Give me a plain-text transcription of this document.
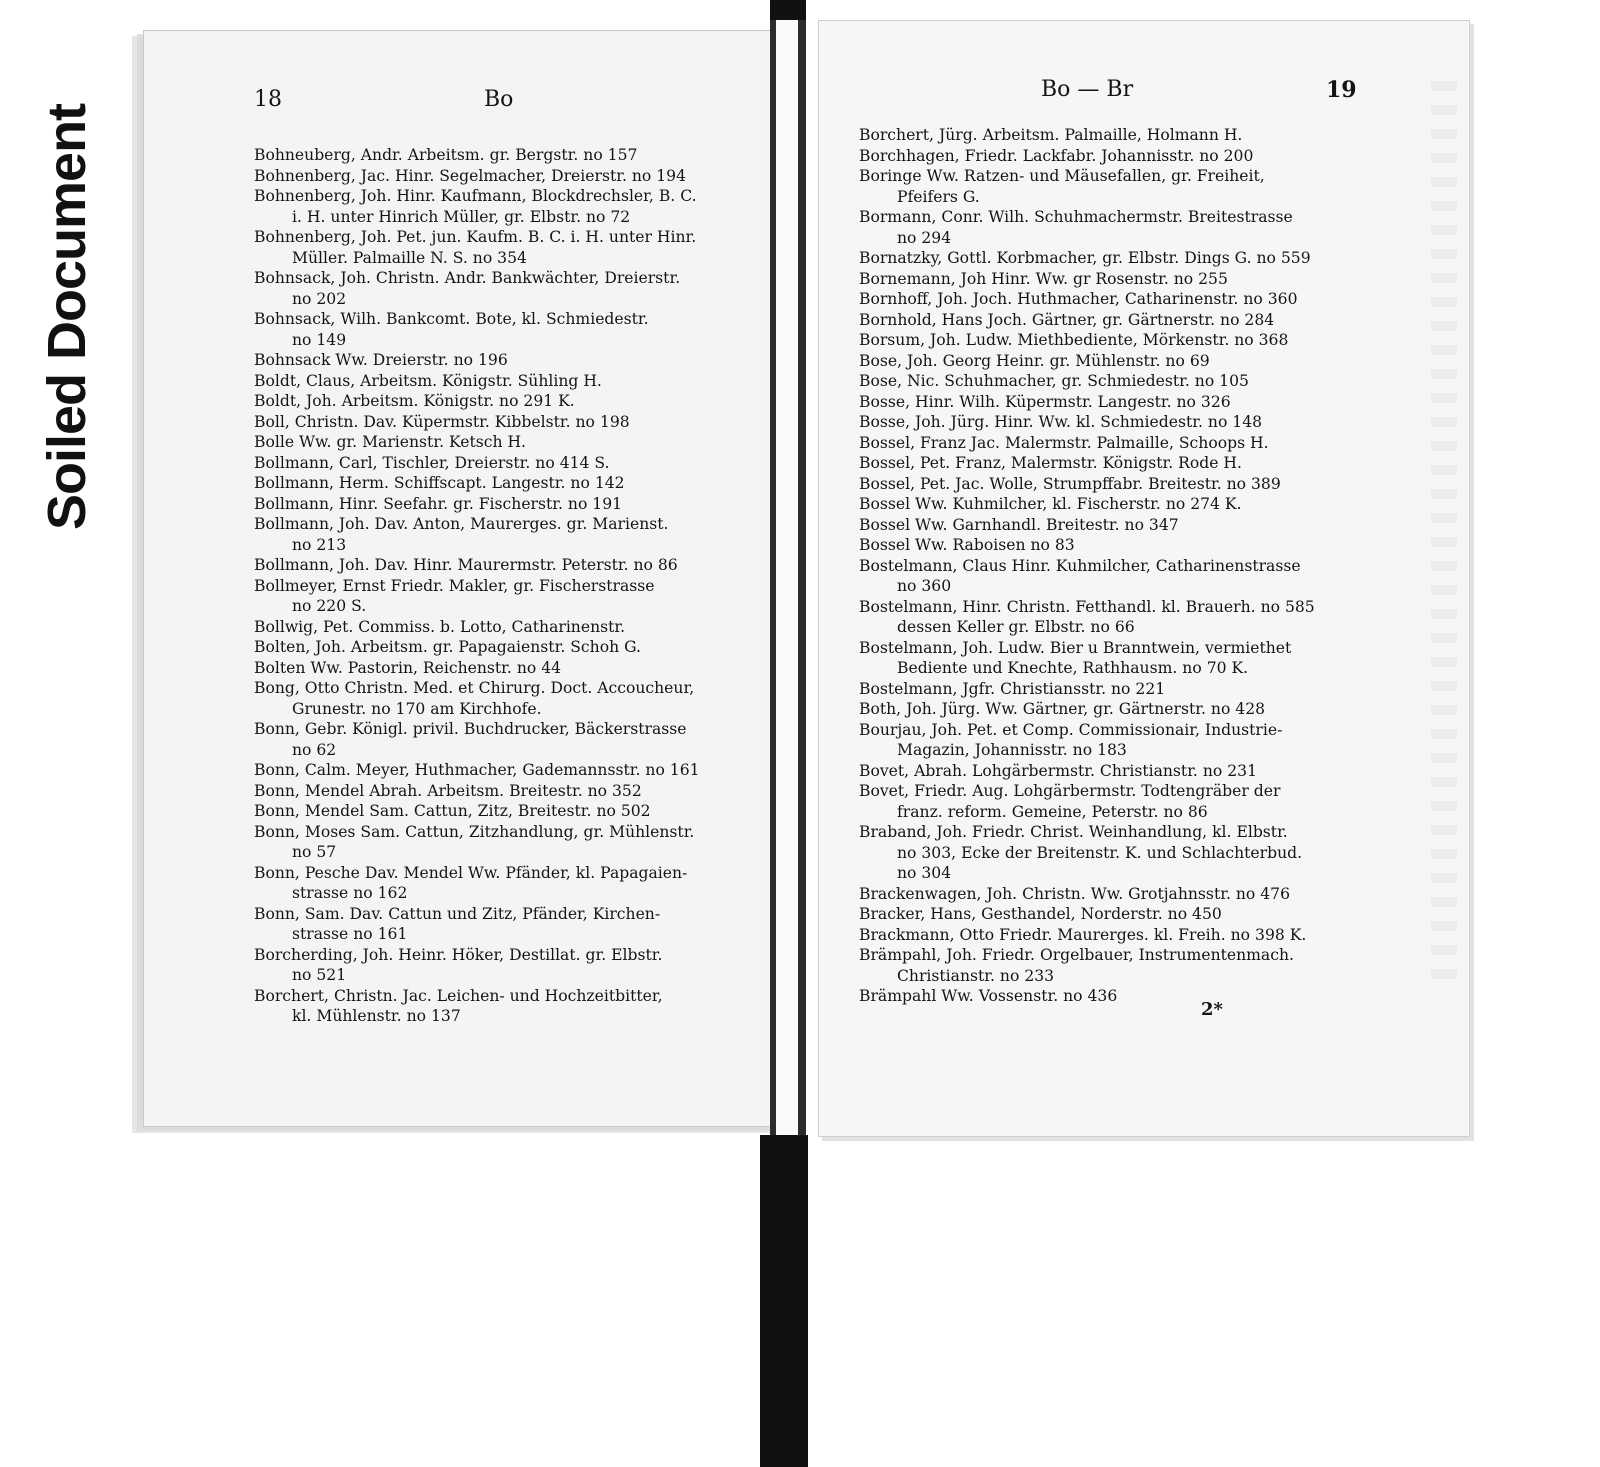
Soiled Document
18	Bo
Bohneuberg, Andr. Arbeitsm. gr. Bergstr. no 157
Bohnenberg, Jac. Hinr. Segelmacher, Dreierstr. no 194
Bohnenberg, Joh. Hinr. Kaufmann, Blockdrechsler, B. C.
i. H. unter Hinrich Müller, gr. Elbstr. no 72
Bohnenberg, Joh. Pet. jun. Kaufm. B. C. i. H. unter Hinr.
Müller. Palmaille N. S. no 354
Bohnsack, Joh. Christn. Andr. Bankwächter, Dreierstr.
no 202
Bohnsack, Wilh. Bankcomt. Bote, kl. Schmiedestr.
no 149
Bohnsack Ww. Dreierstr. no 196
Boldt, Claus, Arbeitsm. Königstr. Sühling H.
Boldt, Joh. Arbeitsm. Königstr. no 291 K.
Boll, Christn. Dav. Küpermstr. Kibbelstr. no 198
Bolle Ww. gr. Marienstr. Ketsch H.
Bollmann, Carl, Tischler, Dreierstr. no 414 S.
Bollmann, Herm. Schiffscapt. Langestr. no 142
Bollmann, Hinr. Seefahr. gr. Fischerstr. no 191
Bollmann, Joh. Dav. Anton, Maurerges. gr. Marienst.
no 213
Bollmann, Joh. Dav. Hinr. Maurermstr. Peterstr. no 86
Bollmeyer, Ernst Friedr. Makler, gr. Fischerstrasse
no 220 S.
Bollwig, Pet. Commiss. b. Lotto, Catharinenstr.
Bolten, Joh. Arbeitsm. gr. Papagaienstr. Schoh G.
Bolten Ww. Pastorin, Reichenstr. no 44
Bong, Otto Christn. Med. et Chirurg. Doct. Accoucheur,
Grunestr. no 170 am Kirchhofe.
Bonn, Gebr. Königl. privil. Buchdrucker, Bäckerstrasse
no 62
Bonn, Calm. Meyer, Huthmacher, Gademannsstr. no 161
Bonn, Mendel Abrah. Arbeitsm. Breitestr. no 352
Bonn, Mendel Sam. Cattun, Zitz, Breitestr. no 502
Bonn, Moses Sam. Cattun, Zitzhandlung, gr. Mühlenstr.
no 57
Bonn, Pesche Dav. Mendel Ww. Pfänder, kl. Papagaien-
strasse no 162
Bonn, Sam. Dav. Cattun und Zitz, Pfänder, Kirchen-
strasse no 161
Borcherding, Joh. Heinr. Höker, Destillat. gr. Elbstr.
no 521
Borchert, Christn. Jac. Leichen- und Hochzeitbitter,
kl. Mühlenstr. no 137
Bo — Br	19
Borchert, Jürg. Arbeitsm. Palmaille, Holmann H.
Borchhagen, Friedr. Lackfabr. Johannisstr. no 200
Boringe Ww. Ratzen- und Mäusefallen, gr. Freiheit,
Pfeifers G.
Bormann, Conr. Wilh. Schuhmachermstr. Breitestrasse
no 294
Bornatzky, Gottl. Korbmacher, gr. Elbstr. Dings G. no 559
Bornemann, Joh Hinr. Ww. gr Rosenstr. no 255
Bornhoff, Joh. Joch. Huthmacher, Catharinenstr. no 360
Bornhold, Hans Joch. Gärtner, gr. Gärtnerstr. no 284
Borsum, Joh. Ludw. Miethbediente, Mörkenstr. no 368
Bose, Joh. Georg Heinr. gr. Mühlenstr. no 69
Bose, Nic. Schuhmacher, gr. Schmiedestr. no 105
Bosse, Hinr. Wilh. Küpermstr. Langestr. no 326
Bosse, Joh. Jürg. Hinr. Ww. kl. Schmiedestr. no 148
Bossel, Franz Jac. Malermstr. Palmaille, Schoops H.
Bossel, Pet. Franz, Malermstr. Königstr. Rode H.
Bossel, Pet. Jac. Wolle, Strumpffabr. Breitestr. no 389
Bossel Ww. Kuhmilcher, kl. Fischerstr. no 274 K.
Bossel Ww. Garnhandl. Breitestr. no 347
Bossel Ww. Raboisen no 83
Bostelmann, Claus Hinr. Kuhmilcher, Catharinenstrasse
no 360
Bostelmann, Hinr. Christn. Fetthandl. kl. Brauerh. no 585
dessen Keller gr. Elbstr. no 66
Bostelmann, Joh. Ludw. Bier u Branntwein, vermiethet
Bediente und Knechte, Rathhausm. no 70 K.
Bostelmann, Jgfr. Christiansstr. no 221
Both, Joh. Jürg. Ww. Gärtner, gr. Gärtnerstr. no 428
Bourjau, Joh. Pet. et Comp. Commissionair, Industrie-
Magazin, Johannisstr. no 183
Bovet, Abrah. Lohgärbermstr. Christianstr. no 231
Bovet, Friedr. Aug. Lohgärbermstr. Todtengräber der
franz. reform. Gemeine, Peterstr. no 86
Braband, Joh. Friedr. Christ. Weinhandlung, kl. Elbstr.
no 303, Ecke der Breitenstr. K. und Schlachterbud.
no 304
Brackenwagen, Joh. Christn. Ww. Grotjahnsstr. no 476
Bracker, Hans, Gesthandel, Norderstr. no 450
Brackmann, Otto Friedr. Maurerges. kl. Freih. no 398 K.
Brämpahl, Joh. Friedr. Orgelbauer, Instrumentenmach.
Christianstr. no 233
Brämpahl Ww. Vossenstr. no 436
2*
